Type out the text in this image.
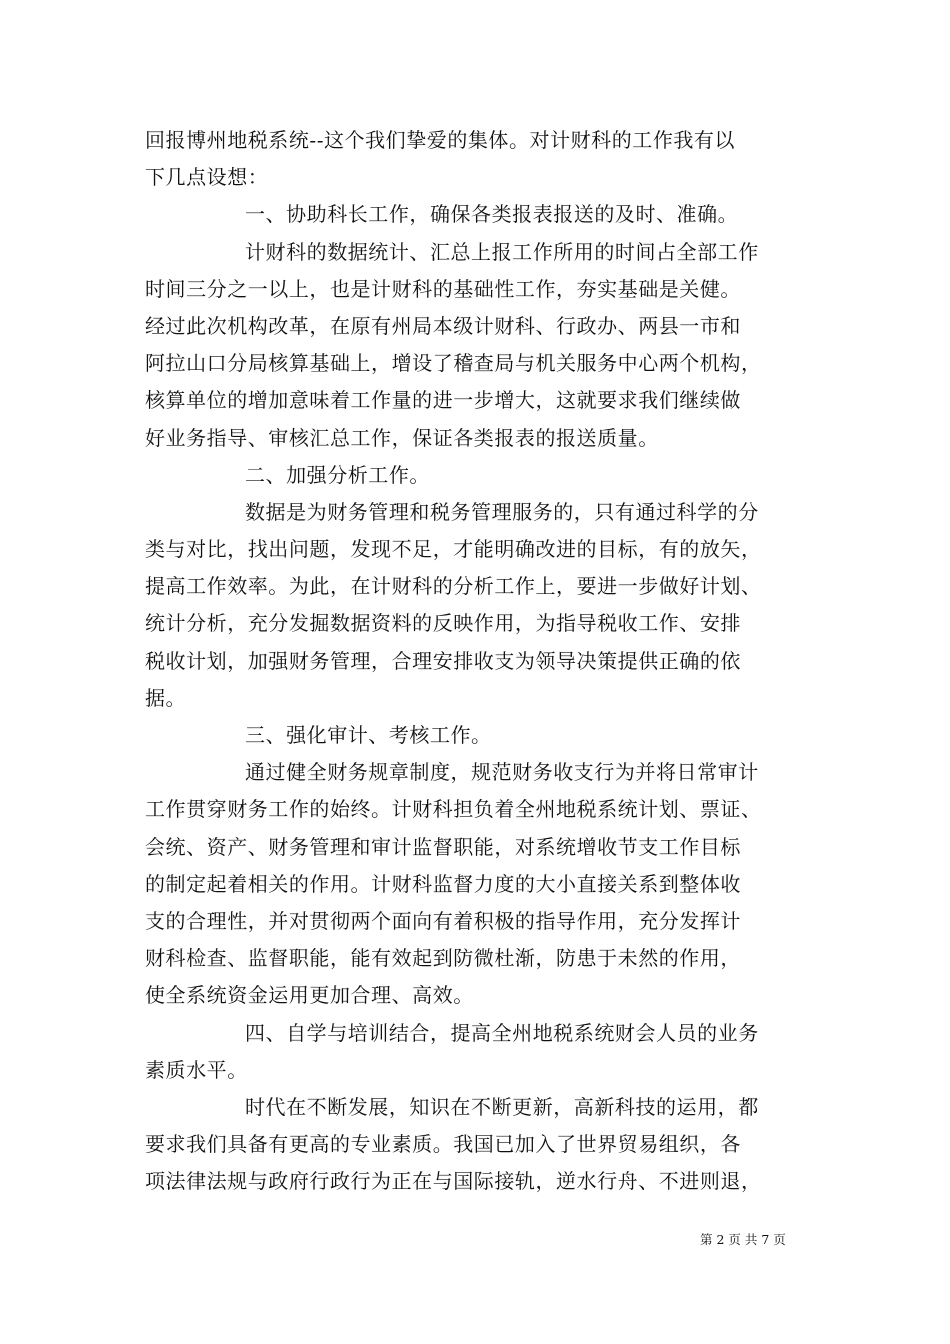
回报博州地税系统--这个我们挚爱的集体。对计财科的工作我有以
下几点设想：
一、协助科长工作，确保各类报表报送的及时、准确。
计财科的数据统计、汇总上报工作所用的时间占全部工作
时间三分之一以上，也是计财科的基础性工作，夯实基础是关健。
经过此次机构改革，在原有州局本级计财科、行政办、两县一市和
阿拉山口分局核算基础上，增设了稽查局与机关服务中心两个机构，
核算单位的增加意味着工作量的进一步增大，这就要求我们继续做
好业务指导、审核汇总工作，保证各类报表的报送质量。
二、加强分析工作。
数据是为财务管理和税务管理服务的，只有通过科学的分
类与对比，找出问题，发现不足，才能明确改进的目标，有的放矢，
提高工作效率。为此，在计财科的分析工作上，要进一步做好计划、
统计分析，充分发掘数据资料的反映作用，为指导税收工作、安排
税收计划，加强财务管理，合理安排收支为领导决策提供正确的依
据。
三、强化审计、考核工作。
通过健全财务规章制度，规范财务收支行为并将日常审计
工作贯穿财务工作的始终。计财科担负着全州地税系统计划、票证、
会统、资产、财务管理和审计监督职能，对系统增收节支工作目标
的制定起着相关的作用。计财科监督力度的大小直接关系到整体收
支的合理性，并对贯彻两个面向有着积极的指导作用，充分发挥计
财科检查、监督职能，能有效起到防微杜渐，防患于未然的作用，
使全系统资金运用更加合理、高效。
四、自学与培训结合，提高全州地税系统财会人员的业务
素质水平。
时代在不断发展，知识在不断更新，高新科技的运用，都
要求我们具备有更高的专业素质。我国已加入了世界贸易组织，各
项法律法规与政府行政行为正在与国际接轨，逆水行舟、不进则退，
第 2 页 共 7 页
